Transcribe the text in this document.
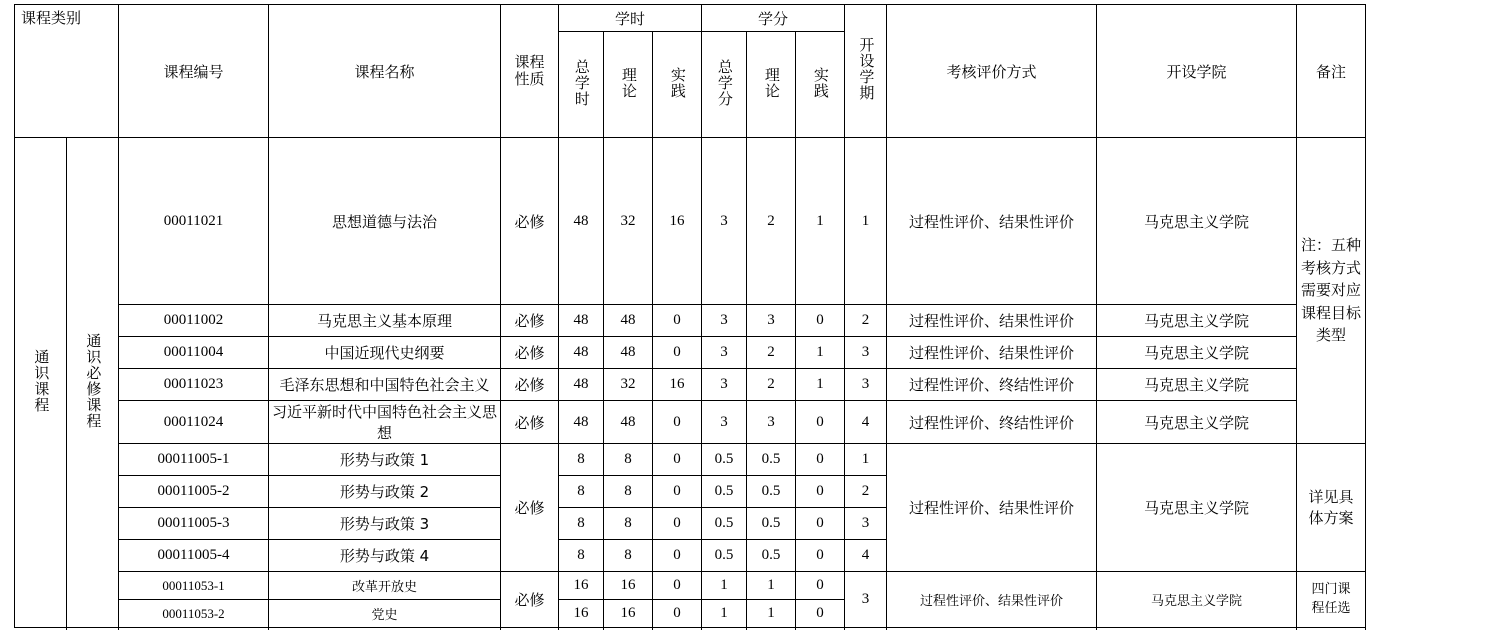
课程类别		课程编号	课程名称	课程
性质	学时			学分			开设学期	考核评价方式	开设学院	备注
					总学时	理论	实践	总学分	理论	实践				

通识课程	通识必修课程	00011021	思想道德与法治	必修	48	32	16	3	2	1	1	过程性评价、结果性评价	马克思主义学院	注：五种考核方式需要对应课程目标类型
		00011002	马克思主义基本原理	必修	48	48	0	3	3	0	2	过程性评价、结果性评价	马克思主义学院	
		00011004	中国近现代史纲要	必修	48	48	0	3	2	1	3	过程性评价、结果性评价	马克思主义学院	
		00011023	毛泽东思想和中国特色社会主义	必修	48	32	16	3	2	1	3	过程性评价、终结性评价	马克思主义学院	
		00011024	习近平新时代中国特色社会主义思想	必修	48	48	0	3	3	0	4	过程性评价、终结性评价	马克思主义学院	
		00011005-1	形势与政策 1	必修	8	8	0	0.5	0.5	0	1	过程性评价、结果性评价	马克思主义学院	详见具
体方案
		00011005-2	形势与政策 2		8	8	0	0.5	0.5	0	2			
		00011005-3	形势与政策 3		8	8	0	0.5	0.5	0	3			
		00011005-4	形势与政策 4		8	8	0	0.5	0.5	0	4			
		00011053-1	改革开放史	必修	16	16	0	1	1	0	3	过程性评价、结果性评价	马克思主义学院	四门课
程任选
		00011053-2	党史		16	16	0	1	1	0				
